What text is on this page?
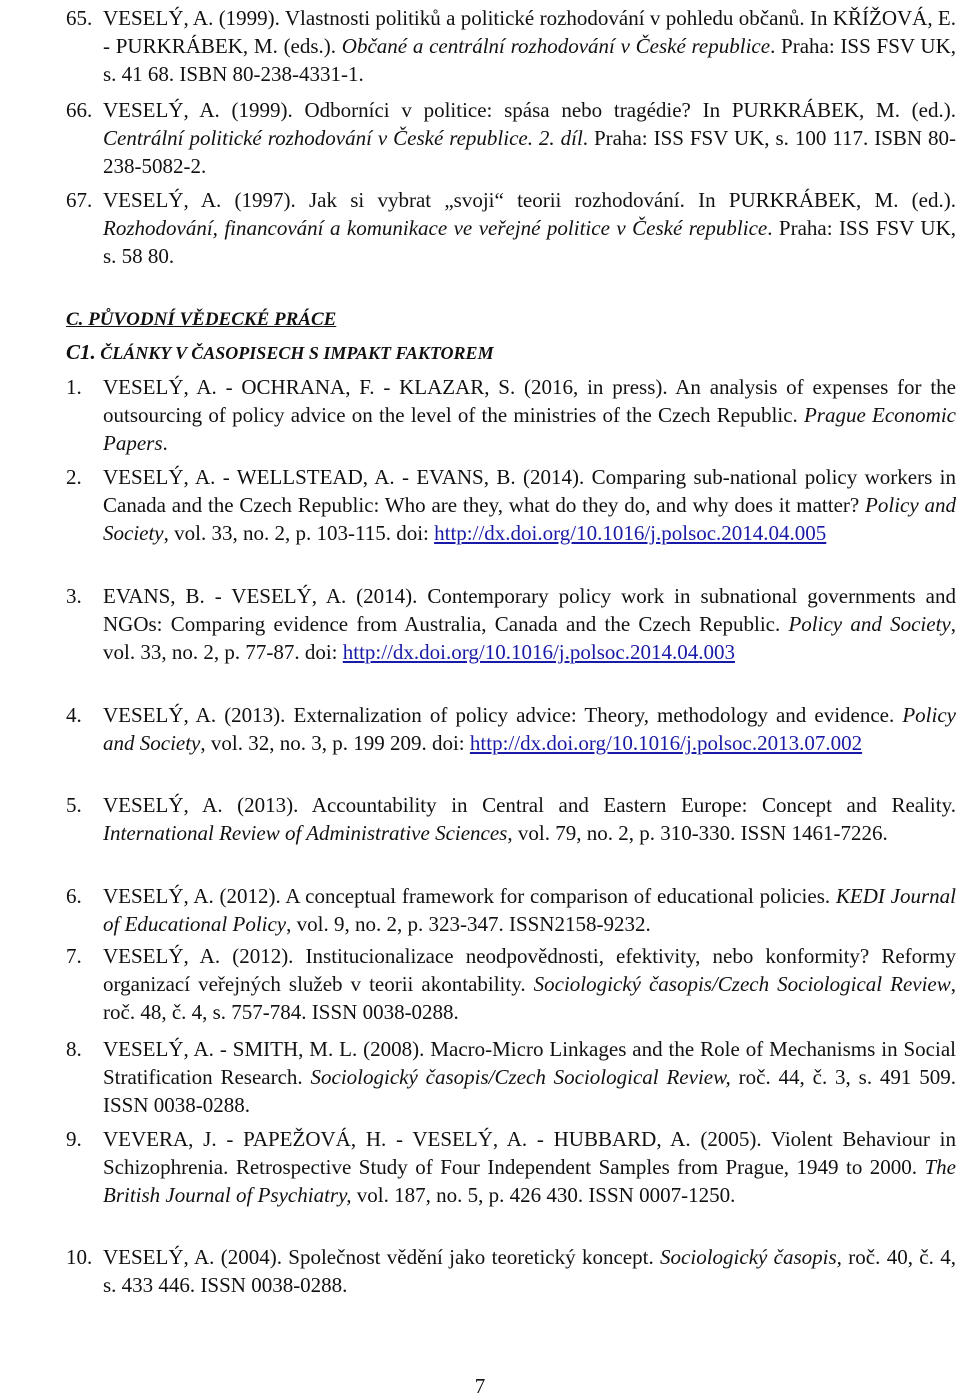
65. VESELÝ, A. (1999). Vlastnosti politiků a politické rozhodování v pohledu občanů. In KŘÍŽOVÁ, E. - PURKRÁBEK, M. (eds.). Občané a centrální rozhodování v České republice. Praha: ISS FSV UK, s. 41 68. ISBN 80-238-4331-1.
66. VESELÝ, A. (1999). Odborníci v politice: spása nebo tragédie? In PURKRÁBEK, M. (ed.). Centrální politické rozhodování v České republice. 2. díl. Praha: ISS FSV UK, s. 100 117. ISBN 80-238-5082-2.
67. VESELÝ, A. (1997). Jak si vybrat „svoji“ teorii rozhodování. In PURKRÁBEK, M. (ed.). Rozhodování, financování a komunikace ve veřejné politice v České republice. Praha: ISS FSV UK, s. 58 80.
C. PŮVODNÍ VĚDECKÉ PRÁCE
C1. ČLÁNKY V ČASOPISECH S IMPAKT FAKTOREM
1. VESELÝ, A. - OCHRANA, F. - KLAZAR, S. (2016, in press). An analysis of expenses for the outsourcing of policy advice on the level of the ministries of the Czech Republic. Prague Economic Papers.
2. VESELÝ, A. - WELLSTEAD, A. - EVANS, B. (2014). Comparing sub-national policy workers in Canada and the Czech Republic: Who are they, what do they do, and why does it matter? Policy and Society, vol. 33, no. 2, p. 103-115. doi: http://dx.doi.org/10.1016/j.polsoc.2014.04.005
3. EVANS, B. - VESELÝ, A. (2014). Contemporary policy work in subnational governments and NGOs: Comparing evidence from Australia, Canada and the Czech Republic. Policy and Society, vol. 33, no. 2, p. 77-87. doi: http://dx.doi.org/10.1016/j.polsoc.2014.04.003
4. VESELÝ, A. (2013). Externalization of policy advice: Theory, methodology and evidence. Policy and Society, vol. 32, no. 3, p. 199 209. doi: http://dx.doi.org/10.1016/j.polsoc.2013.07.002
5. VESELÝ, A. (2013). Accountability in Central and Eastern Europe: Concept and Reality. International Review of Administrative Sciences, vol. 79, no. 2, p. 310-330. ISSN 1461-7226.
6. VESELÝ, A. (2012). A conceptual framework for comparison of educational policies. KEDI Journal of Educational Policy, vol. 9, no. 2, p. 323-347. ISSN2158-9232.
7. VESELÝ, A. (2012). Institucionalizace neodpovědnosti, efektivity, nebo konformity? Reformy organizací veřejných služeb v teorii akontability. Sociologický časopis/Czech Sociological Review, roč. 48, č. 4, s. 757-784. ISSN 0038-0288.
8. VESELÝ, A. - SMITH, M. L. (2008). Macro-Micro Linkages and the Role of Mechanisms in Social Stratification Research. Sociologický časopis/Czech Sociological Review, roč. 44, č. 3, s. 491 509. ISSN 0038-0288.
9. VEVERA, J. - PAPEŽOVÁ, H. - VESELÝ, A. - HUBBARD, A. (2005). Violent Behaviour in Schizophrenia. Retrospective Study of Four Independent Samples from Prague, 1949 to 2000. The British Journal of Psychiatry, vol. 187, no. 5, p. 426 430. ISSN 0007-1250.
10. VESELÝ, A. (2004). Společnost vědění jako teoretický koncept. Sociologický časopis, roč. 40, č. 4, s. 433 446. ISSN 0038-0288.
7
